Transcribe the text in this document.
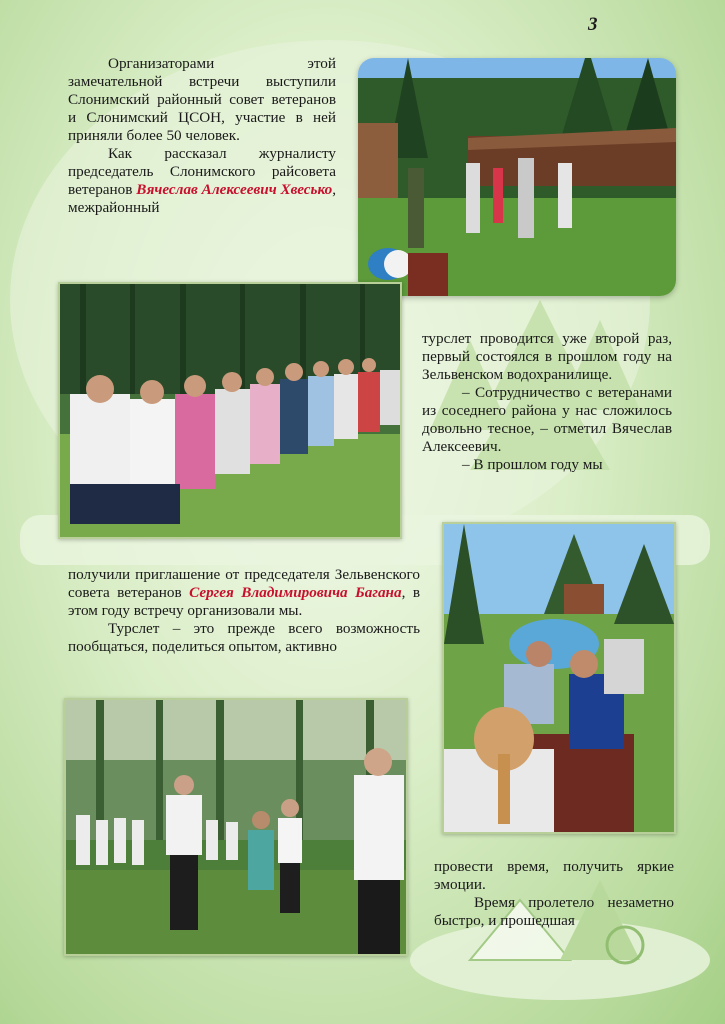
3

Организаторами этой замечательной встречи выступили Слонимский районный совет ветеранов и Слонимский ЦСОН, участие в ней приняли более 50 человек.

Как рассказал журналисту председатель Слонимского райсовета ветеранов Вячеслав Алексеевич Хвесько, межрайонный

турслет проводится уже второй раз, первый состоялся в прошлом году на Зельвенском водохранилище.

– Сотрудничество с ветеранами из соседнего района у нас сложилось довольно тесное, – отметил Вячеслав Алексеевич.

– В прошлом году мы

получили приглашение от председателя Зельвенского совета ветеранов Сергея Владимировича Багана, в этом году встречу организовали мы.

Турслет – это прежде всего возможность пообщаться, поделиться опытом, активно

провести время, получить яркие эмоции.

Время пролетело незаметно быстро, и прошедшая
